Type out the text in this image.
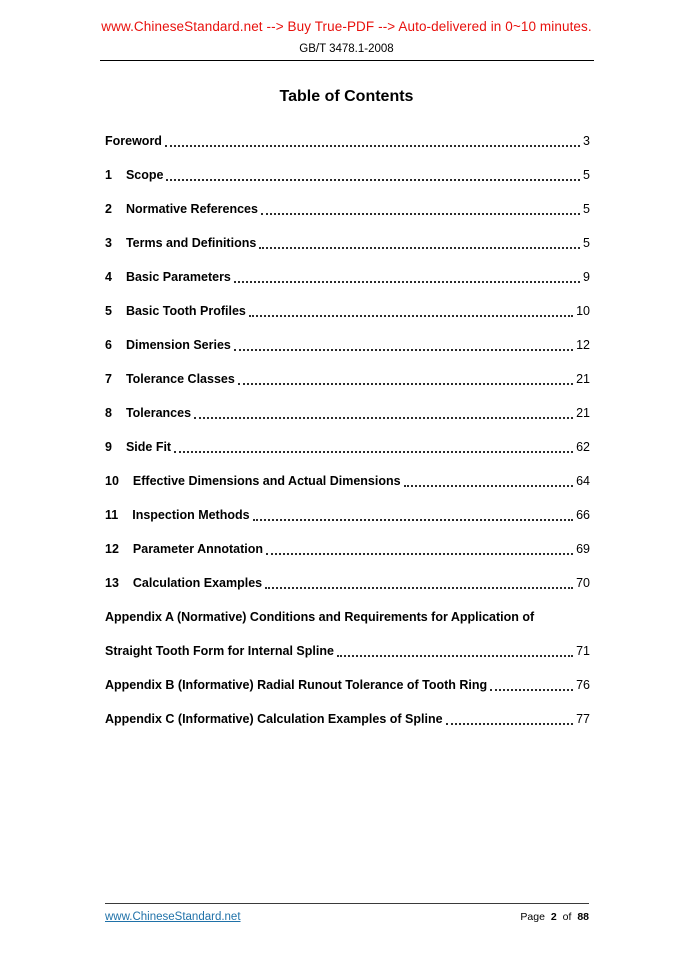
www.ChineseStandard.net --> Buy True-PDF --> Auto-delivered in 0~10 minutes.
GB/T 3478.1-2008
Table of Contents
Foreword	3
1 Scope	5
2 Normative References	5
3 Terms and Definitions	5
4 Basic Parameters	9
5 Basic Tooth Profiles	10
6 Dimension Series	12
7 Tolerance Classes	21
8 Tolerances	21
9 Side Fit	62
10 Effective Dimensions and Actual Dimensions	64
11 Inspection Methods	66
12 Parameter Annotation	69
13 Calculation Examples	70
Appendix A (Normative) Conditions and Requirements for Application of
Straight Tooth Form for Internal Spline	71
Appendix B (Informative) Radial Runout Tolerance of Tooth Ring	76
Appendix C (Informative) Calculation Examples of Spline	77
www.ChineseStandard.net	Page 2 of 88
